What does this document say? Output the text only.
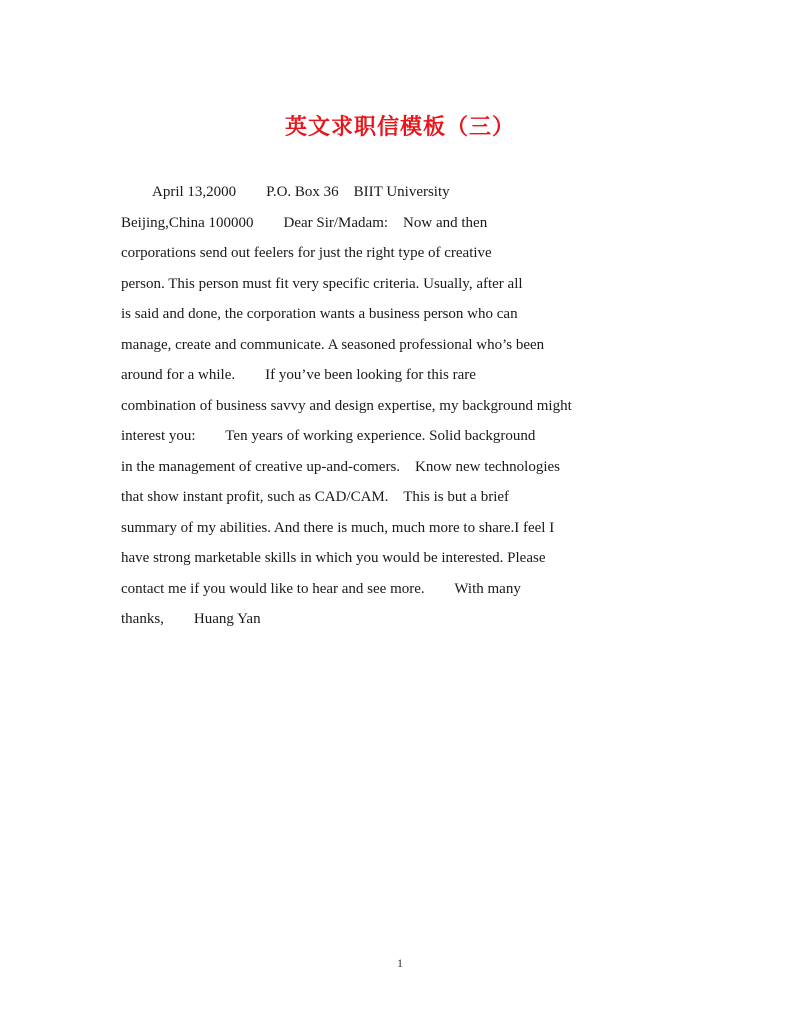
英文求职信模板（三）

April 13,2000        P.O. Box 36    BIIT University

Beijing,China 100000        Dear Sir/Madam:    Now and then

corporations send out feelers for just the right type of creative

person. This person must fit very specific criteria. Usually, after all

is said and done, the corporation wants a business person who can

manage, create and communicate. A seasoned professional who’s been

around for a while.        If you’ve been looking for this rare

combination of business savvy and design expertise, my background might

interest you:        Ten years of working experience. Solid background

in the management of creative up-and-comers.    Know new technologies

that show instant profit, such as CAD/CAM.    This is but a brief

summary of my abilities. And there is much, much more to share.I feel I

have strong marketable skills in which you would be interested. Please

contact me if you would like to hear and see more.        With many

thanks,        Huang Yan

1
